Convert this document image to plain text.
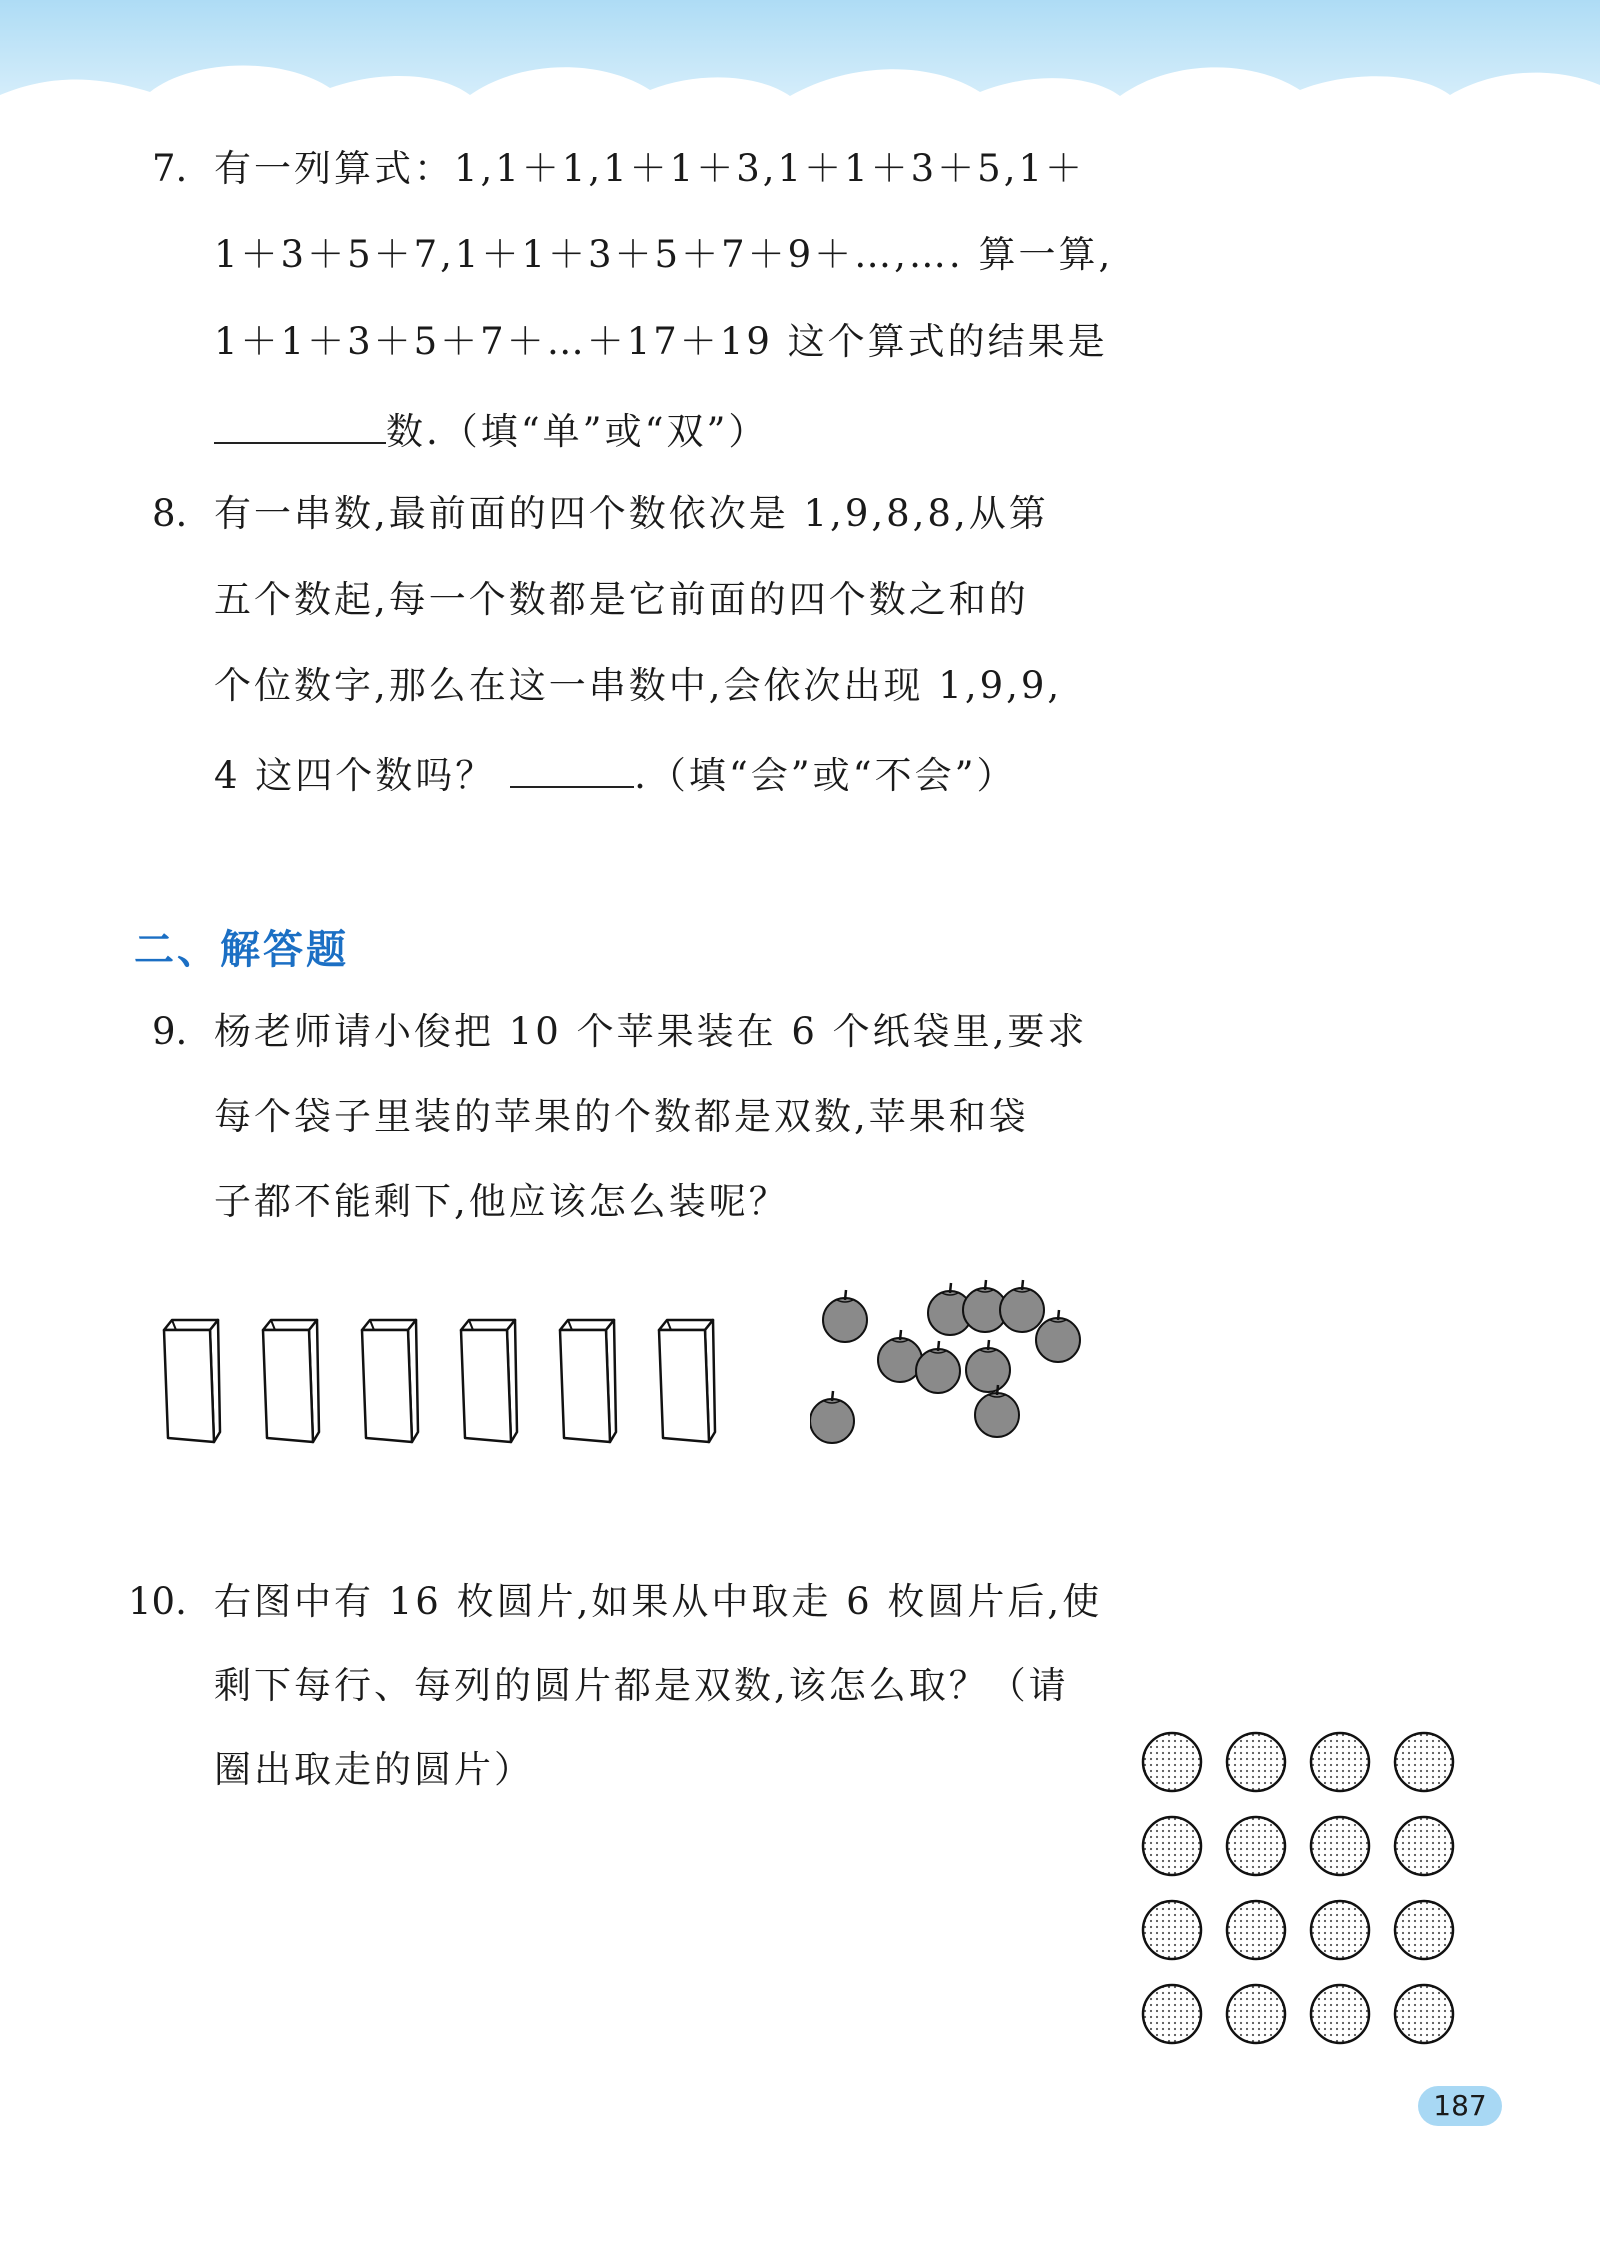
7. 有一列算式：1,1＋1,1＋1＋3,1＋1＋3＋5,1＋
1＋3＋5＋7,1＋1＋3＋5＋7＋9＋…,…. 算一算,
1＋1＋3＋5＋7＋…＋17＋19 这个算式的结果是
数.（填“单”或“双”）
8. 有一串数,最前面的四个数依次是 1,9,8,8,从第
五个数起,每一个数都是它前面的四个数之和的
个位数字,那么在这一串数中,会依次出现 1,9,9,
4 这四个数吗？	.（填“会”或“不会”）
二、解答题
9. 杨老师请小俊把 10 个苹果装在 6 个纸袋里,要求
每个袋子里装的苹果的个数都是双数,苹果和袋
子都不能剩下,他应该怎么装呢？
10. 右图中有 16 枚圆片,如果从中取走 6 枚圆片后,使
剩下每行、每列的圆片都是双数,该怎么取？（请
圈出取走的圆片）
187
